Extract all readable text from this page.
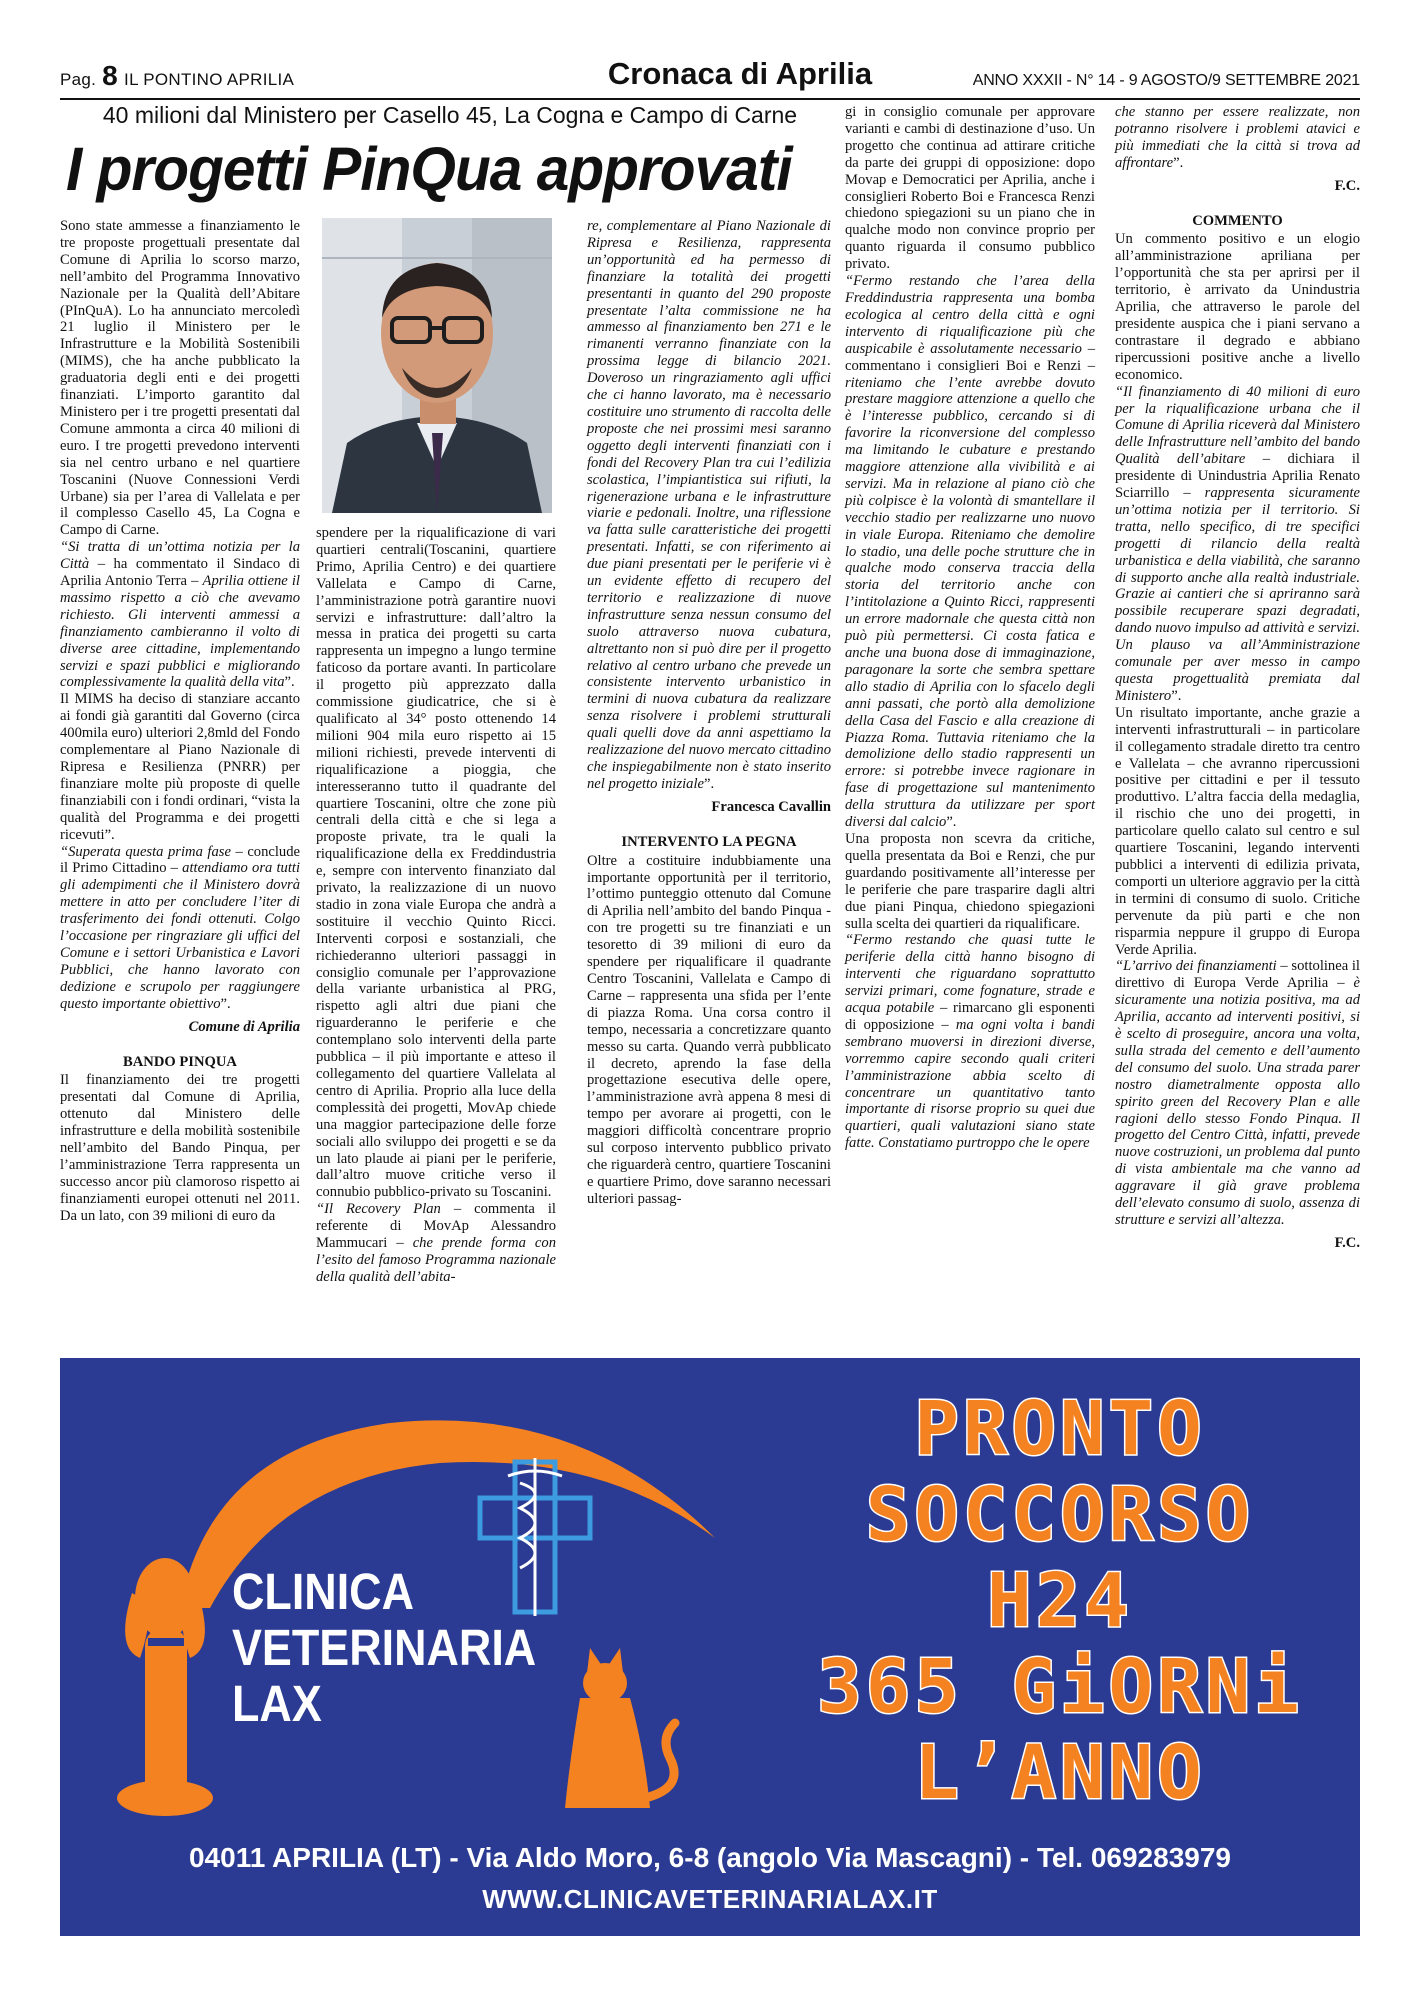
Pag. 8 IL PONTINO APRILIA	Cronaca di Aprilia	ANNO XXXII - N° 14 - 9 AGOSTO/9 SETTEMBRE 2021
40 milioni dal Ministero per Casello 45, La Cogna e Campo di Carne
I progetti PinQua approvati

Sono state ammesse a finanziamento le tre proposte progettuali presentate dal Comune di Aprilia lo scorso marzo, nell’ambito del Programma Innovativo Nazionale per la Qualità dell’Abitare (PInQuA). Lo ha annunciato mercoledì 21 luglio il Ministero per le Infrastrutture e la Mobilità Sostenibili (MIMS), che ha anche pubblicato la graduatoria degli enti e dei progetti finanziati. L’importo garantito dal Ministero per i tre progetti presentati dal Comune ammonta a circa 40 milioni di euro. I tre progetti prevedono interventi sia nel centro urbano e nel quartiere Toscanini (Nuove Connessioni Verdi Urbane) sia per l’area di Vallelata e per il complesso Casello 45, La Cogna e Campo di Carne.

“Si tratta di un’ottima notizia per la Città – ha commentato il Sindaco di Aprilia Antonio Terra – Aprilia ottiene il massimo rispetto a ciò che avevamo richiesto. Gli interventi ammessi a finanziamento cambieranno il volto di diverse aree cittadine, implementando servizi e spazi pubblici e migliorando complessivamente la qualità della vita”.

Il MIMS ha deciso di stanziare accanto ai fondi già garantiti dal Governo (circa 400mila euro) ulteriori 2,8mld del Fondo complementare al Piano Nazionale di Ripresa e Resilienza (PNRR) per finanziare molte più proposte di quelle finanziabili con i fondi ordinari, “vista la qualità del Programma e dei progetti ricevuti”.

“Superata questa prima fase – conclude il Primo Cittadino – attendiamo ora tutti gli adempimenti che il Ministero dovrà mettere in atto per concludere l’iter di trasferimento dei fondi ottenuti. Colgo l’occasione per ringraziare gli uffici del Comune e i settori Urbanistica e Lavori Pubblici, che hanno lavorato con dedizione e scrupolo per raggiungere questo importante obiettivo”.

Comune di Aprilia

BANDO PINQUA

Il finanziamento dei tre progetti presentati dal Comune di Aprilia, ottenuto dal Ministero delle infrastrutture e della mobilità sostenibile nell’ambito del Bando Pinqua, per l’amministrazione Terra rappresenta un successo ancor più clamoroso rispetto ai finanziamenti europei ottenuti nel 2011. Da un lato, con 39 milioni di euro da

spendere per la riqualificazione di vari quartieri centrali(Toscanini, quartiere Primo, Aprilia Centro) e dei quartiere Vallelata e Campo di Carne, l’amministrazione potrà garantire nuovi servizi e infrastrutture: dall’altro la messa in pratica dei progetti su carta rappresenta un impegno a lungo termine faticoso da portare avanti. In particolare il progetto più apprezzato dalla commissione giudicatrice, che si è qualificato al 34° posto ottenendo 14 milioni 904 mila euro rispetto ai 15 milioni richiesti, prevede interventi di riqualificazione a pioggia, che interesseranno tutto il quadrante del quartiere Toscanini, oltre che zone più centrali della città e che si lega a proposte private, tra le quali la riqualificazione della ex Freddindustria e, sempre con intervento finanziato dal privato, la realizzazione di un nuovo stadio in zona viale Europa che andrà a sostituire il vecchio Quinto Ricci. Interventi corposi e sostanziali, che richiederanno ulteriori passaggi in consiglio comunale per l’approvazione della variante urbanistica al PRG, rispetto agli altri due piani che riguarderanno le periferie e che contemplano solo interventi della parte pubblica – il più importante e atteso il collegamento del quartiere Vallelata al centro di Aprilia. Proprio alla luce della complessità dei progetti, MovAp chiede una maggior partecipazione delle forze sociali allo sviluppo dei progetti e se da un lato plaude ai piani per le periferie, dall’altro muove critiche verso il connubio pubblico-privato su Toscanini.

“Il Recovery Plan – commenta il referente di MovAp Alessandro Mammucari – che prende forma con l’esito del famoso Programma nazionale della qualità dell’abita-

re, complementare al Piano Nazionale di Ripresa e Resilienza, rappresenta un’opportunità ed ha permesso di finanziare la totalità dei progetti presentanti in quanto del 290 proposte presentate l’alta commissione ne ha ammesso al finanziamento ben 271 e le rimanenti verranno finanziate con la prossima legge di bilancio 2021. Doveroso un ringraziamento agli uffici che ci hanno lavorato, ma è necessario costituire uno strumento di raccolta delle proposte che nei prossimi mesi saranno oggetto degli interventi finanziati con i fondi del Recovery Plan tra cui l’edilizia scolastica, l’impiantistica sui rifiuti, la rigenerazione urbana e le infrastrutture viarie e pedonali. Inoltre, una riflessione va fatta sulle caratteristiche dei progetti presentati. Infatti, se con riferimento ai due piani presentati per le periferie vi è un evidente effetto di recupero del territorio e realizzazione di nuove infrastrutture senza nessun consumo del suolo attraverso nuova cubatura, altrettanto non si può dire per il progetto relativo al centro urbano che prevede un consistente intervento urbanistico in termini di nuova cubatura da realizzare senza risolvere i problemi strutturali quali quelli dove da anni aspettiamo la realizzazione del nuovo mercato cittadino che inspiegabilmente non è stato inserito nel progetto iniziale”.

Francesca Cavallin

INTERVENTO LA PEGNA

Oltre a costituire indubbiamente una importante opportunità per il territorio, l’ottimo punteggio ottenuto dal Comune di Aprilia nell’ambito del bando Pinqua - con tre progetti su tre finanziati e un tesoretto di 39 milioni di euro da spendere per riqualificare il quadrante Centro Toscanini, Vallelata e Campo di Carne – rappresenta una sfida per l’ente di piazza Roma. Una corsa contro il tempo, necessaria a concretizzare quanto messo su carta. Quando verrà pubblicato il decreto, aprendo la fase della progettazione esecutiva delle opere, l’amministrazione avrà appena 8 mesi di tempo per avorare ai progetti, con le maggiori difficoltà concentrare proprio sul corposo intervento pubblico privato che riguarderà centro, quartiere Toscanini e quartiere Primo, dove saranno necessari ulteriori passag-

gi in consiglio comunale per approvare varianti e cambi di destinazione d’uso. Un progetto che continua ad attirare critiche da parte dei gruppi di opposizione: dopo Movap e Democratici per Aprilia, anche i consiglieri Roberto Boi e Francesca Renzi chiedono spiegazioni su un piano che in qualche modo non convince proprio per quanto riguarda il consumo pubblico privato.

“Fermo restando che l’area della Freddindustria rappresenta una bomba ecologica al centro della città e ogni intervento di riqualificazione più che auspicabile è assolutamente necessario – commentano i consiglieri Boi e Renzi – riteniamo che l’ente avrebbe dovuto prestare maggiore attenzione a quello che è l’interesse pubblico, cercando si di favorire la riconversione del complesso ma limitando le cubature e prestando maggiore attenzione alla vivibilità e ai servizi. Ma in relazione al piano ciò che più colpisce è la volontà di smantellare il vecchio stadio per realizzarne uno nuovo in viale Europa. Riteniamo che demolire lo stadio, una delle poche strutture che in qualche modo conserva traccia della storia del territorio anche con l’intitolazione a Quinto Ricci, rappresenti un errore madornale che questa città non può più permettersi. Ci costa fatica e anche una buona dose di immaginazione, paragonare la sorte che sembra spettare allo stadio di Aprilia con lo sfacelo degli anni passati, che portò alla demolizione della Casa del Fascio e alla creazione di Piazza Roma. Tuttavia riteniamo che la demolizione dello stadio rappresenti un errore: si potrebbe invece ragionare in fase di progettazione sul mantenimento della struttura da utilizzare per sport diversi dal calcio”.

Una proposta non scevra da critiche, quella presentata da Boi e Renzi, che pur guardando positivamente all’interesse per le periferie che pare trasparire dagli altri due piani Pinqua, chiedono spiegazioni sulla scelta dei quartieri da riqualificare.

“Fermo restando che quasi tutte le periferie della città hanno bisogno di interventi che riguardano soprattutto servizi primari, come fognature, strade e acqua potabile – rimarcano gli esponenti di opposizione – ma ogni volta i bandi sembrano muoversi in direzioni diverse, vorremmo capire secondo quali criteri l’amministrazione abbia scelto di concentrare un quantitativo tanto importante di risorse proprio su quei due quartieri, quali valutazioni siano state fatte. Constatiamo purtroppo che le opere

che stanno per essere realizzate, non potranno risolvere i problemi atavici e più immediati che la città si trova ad affrontare”.

F.C.

COMMENTO

Un commento positivo e un elogio all’amministrazione apriliana per l’opportunità che sta per aprirsi per il territorio, è arrivato da Unindustria Aprilia, che attraverso le parole del presidente auspica che i piani servano a contrastare il degrado e abbiano ripercussioni positive anche a livello economico.

“Il finanziamento di 40 milioni di euro per la riqualificazione urbana che il Comune di Aprilia riceverà dal Ministero delle Infrastrutture nell’ambito del bando Qualità dell’abitare – dichiara il presidente di Unindustria Aprilia Renato Sciarrillo – rappresenta sicuramente un’ottima notizia per il territorio. Si tratta, nello specifico, di tre specifici progetti di rilancio della realtà urbanistica e della viabilità, che saranno di supporto anche alla realtà industriale. Grazie ai cantieri che si apriranno sarà possibile recuperare spazi degradati, dando nuovo impulso ad attività e servizi. Un plauso va all’Amministrazione comunale per aver messo in campo questa progettualità premiata dal Ministero”.

Un risultato importante, anche grazie a interventi infrastrutturali – in particolare il collegamento stradale diretto tra centro e Vallelata – che avranno ripercussioni positive per cittadini e per il tessuto produttivo. L’altra faccia della medaglia, il rischio che uno dei progetti, in particolare quello calato sul centro e sul quartiere Toscanini, legando interventi pubblici a interventi di edilizia privata, comporti un ulteriore aggravio per la città in termini di consumo di suolo. Critiche pervenute da più parti e che non risparmia neppure il gruppo di Europa Verde Aprilia.

“L’arrivo dei finanziamenti – sottolinea il direttivo di Europa Verde Aprilia – è sicuramente una notizia positiva, ma ad Aprilia, accanto ad interventi positivi, si è scelto di proseguire, ancora una volta, sulla strada del cemento e dell’aumento del consumo del suolo. Una strada parer nostro diametralmente opposta allo spirito green del Recovery Plan e alle ragioni dello stesso Fondo Pinqua. Il progetto del Centro Città, infatti, prevede nuove costruzioni, un problema dal punto di vista ambientale ma che vanno ad aggravare il già grave problema dell’elevato consumo di suolo, assenza di strutture e servizi all’altezza.

F.C.

CLINICA
VETERINARIA
LAX
PRONTO
SOCCORSO
H24
365 GiORNi
L’ANNO
04011 APRILIA (LT) - Via Aldo Moro, 6-8 (angolo Via Mascagni) - Tel. 069283979
WWW.CLINICAVETERINARIALAX.IT
